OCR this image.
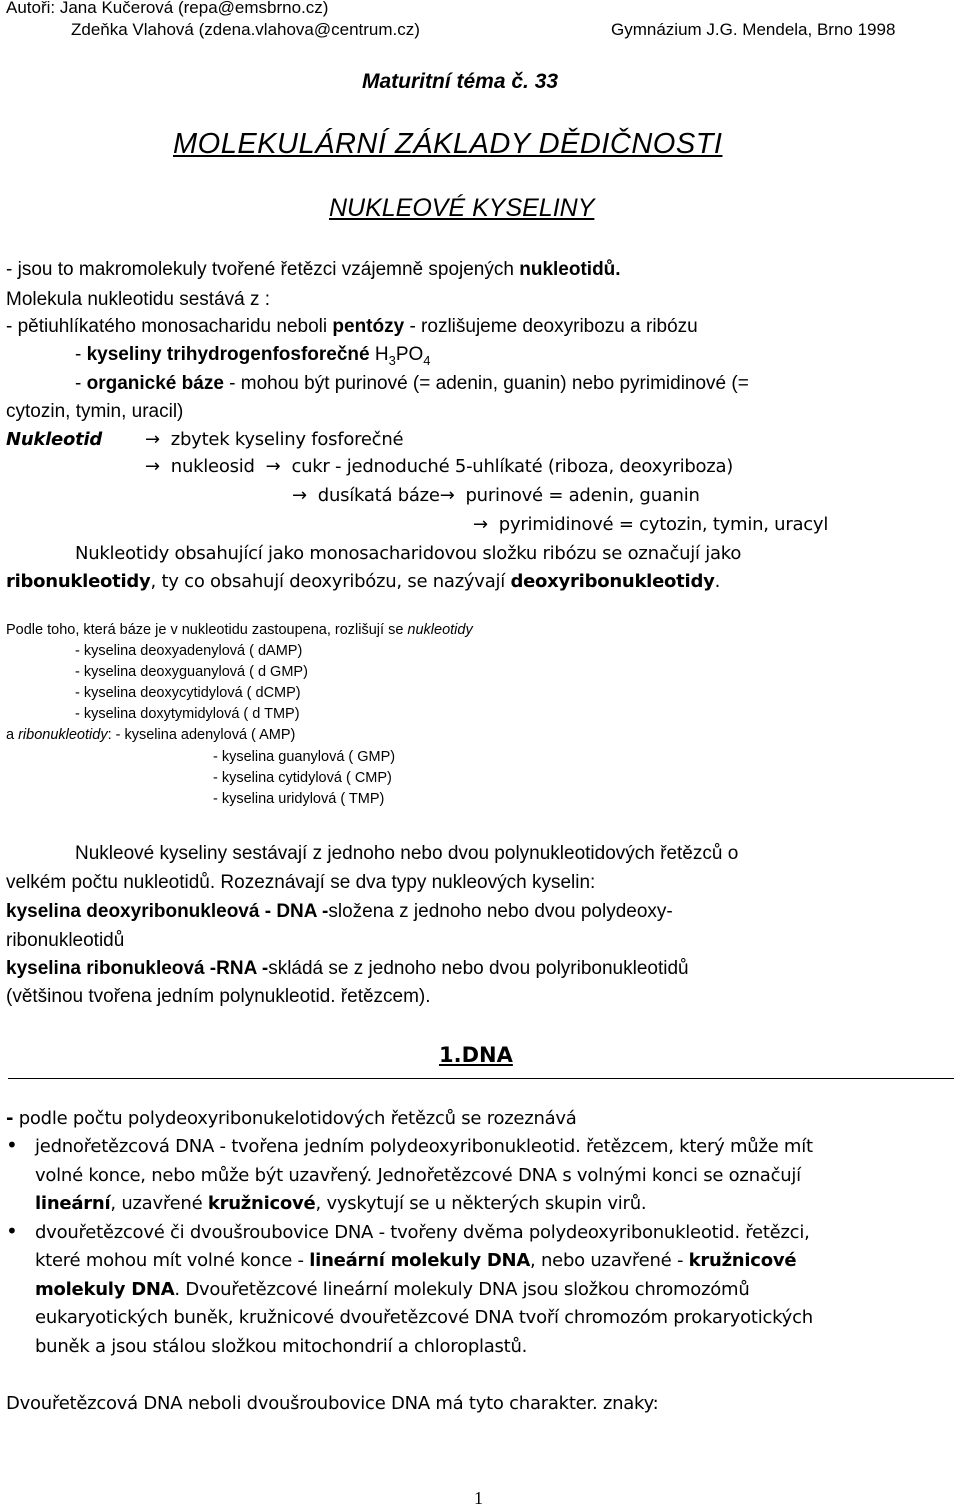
Autoři: Jana Kučerová (repa@emsbrno.cz)
Zdeňka Vlahová (zdena.vlahova@centrum.cz)	Gymnázium J.G. Mendela, Brno 1998
Maturitní téma č. 33
MOLEKULÁRNÍ ZÁKLADY DĚDIČNOSTI
NUKLEOVÉ KYSELINY
- jsou to makromolekuly tvořené řetězci vzájemně spojených nukleotidů.
Molekula nukleotidu sestává z :
- pětiuhlíkatého monosacharidu neboli pentózy - rozlišujeme deoxyribozu a ribózu
- kyseliny trihydrogenfosforečné $H_3PO_4$
- organické báze - mohou být purinové (= adenin, guanin) nebo pyrimidinové (=
cytozin, tymin, uracil)
Nukleotid → zbytek kyseliny fosforečné
→ nukleosid → cukr - jednoduché 5-uhlíkaté (riboza, deoxyriboza)
→ dusíkatá báze→ purinové = adenin, guanin
→ pyrimidinové = cytozin, tymin, uracyl
Nukleotidy obsahující jako monosacharidovou složku ribózu se označují jako
ribonukleotidy, ty co obsahují deoxyribózu, se nazývají deoxyribonukleotidy.
Podle toho, která báze je v nukleotidu zastoupena, rozlišují se nukleotidy
- kyselina deoxyadenylová ( dAMP)
- kyselina deoxyguanylová ( d GMP)
- kyselina deoxycytidylová ( dCMP)
- kyselina doxytymidylová ( d TMP)
a ribonukleotidy: - kyselina adenylová ( AMP)
- kyselina guanylová ( GMP)
- kyselina cytidylová ( CMP)
- kyselina uridylová ( TMP)
Nukleové kyseliny sestávají z jednoho nebo dvou polynukleotidových řetězců o
velkém počtu nukleotidů. Rozeznávají se dva typy nukleových kyselin:
kyselina deoxyribonukleová - DNA -složena z jednoho nebo dvou polydeoxy-
ribonukleotidů
kyselina ribonukleová -RNA -skládá se z jednoho nebo dvou polyribonukleotidů
(většinou tvořena jedním polynukleotid. řetězcem).
1.DNA
- podle počtu polydeoxyribonukelotidových řetězců se rozeznává
• jednořetězcová DNA - tvořena jedním polydeoxyribonukleotid. řetězcem, který může mít
volné konce, nebo může být uzavřený. Jednořetězcové DNA s volnými konci se označují
lineární, uzavřené kružnicové, vyskytují se u některých skupin virů.
• dvouřetězcové či dvoušroubovice DNA - tvořeny dvěma polydeoxyribonukleotid. řetězci,
které mohou mít volné konce - lineární molekuly DNA, nebo uzavřené - kružnicové
molekuly DNA. Dvouřetězcové lineární molekuly DNA jsou složkou chromozómů
eukaryotických buněk, kružnicové dvouřetězcové DNA tvoří chromozóm prokaryotických
buněk a jsou stálou složkou mitochondrií a chloroplastů.
Dvouřetězcová DNA neboli dvoušroubovice DNA má tyto charakter. znaky:
1
